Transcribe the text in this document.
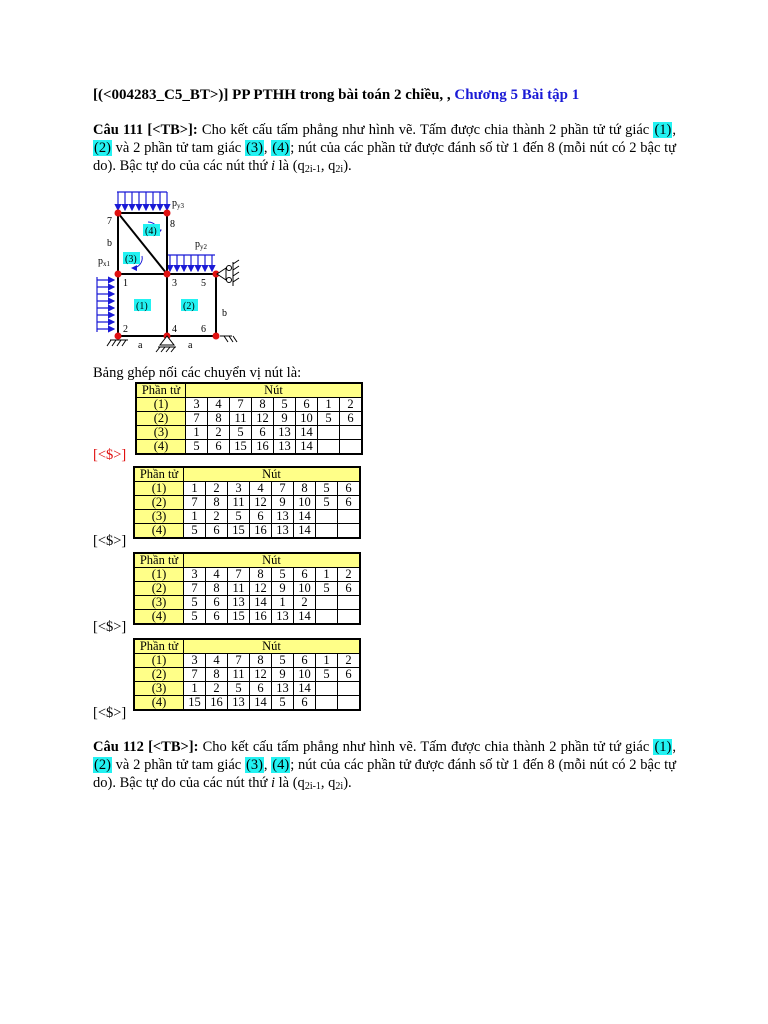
[(<004283_C5_BT>)] PP PTHH trong bài toán 2 chiều, , Chương 5 Bài tập 1
Câu 111 [<TB>]: Cho kết cấu tấm phẳng như hình vẽ. Tấm được chia thành 2 phần tử tứ giác (1), (2) và 2 phần tử tam giác (3), (4); nút của các phần tử được đánh số từ 1 đến 8 (mỗi nút có 2 bậc tự do). Bậc tự do của các nút thứ i là ($q_{2i-1}$, $q_{2i}$).
$p_{y3}$
$p_{y2}$
$p_{x1}$
(4)
(3)
(1)	(2)
7	8
1	3 5
2	4 6
b
b
a	a
Bảng ghép nối các chuyển vị nút là:
[<$>]
Phần tử	Nút							
(1)	3	4	7	8	5	6	1	2
(2)	7	8	11	12	9	10	5	6
(3)	1	2	5	6	13	14		
(4)	5	6	15	16	13	14		
[<$>]
Phần tử	Nút							
(1)	1	2	3	4	7	8	5	6
(2)	7	8	11	12	9	10	5	6
(3)	1	2	5	6	13	14		
(4)	5	6	15	16	13	14		
[<$>]
Phần tử	Nút							
(1)	3	4	7	8	5	6	1	2
(2)	7	8	11	12	9	10	5	6
(3)	5	6	13	14	1	2		
(4)	5	6	15	16	13	14		
[<$>]
Phần tử	Nút							
(1)	3	4	7	8	5	6	1	2
(2)	7	8	11	12	9	10	5	6
(3)	1	2	5	6	13	14		
(4)	15	16	13	14	5	6		
Câu 112 [<TB>]: Cho kết cấu tấm phẳng như hình vẽ. Tấm được chia thành 2 phần tử tứ giác (1), (2) và 2 phần tử tam giác (3), (4); nút của các phần tử được đánh số từ 1 đến 8 (mỗi nút có 2 bậc tự do). Bậc tự do của các nút thứ i là ($q_{2i-1}$, $q_{2i}$).
